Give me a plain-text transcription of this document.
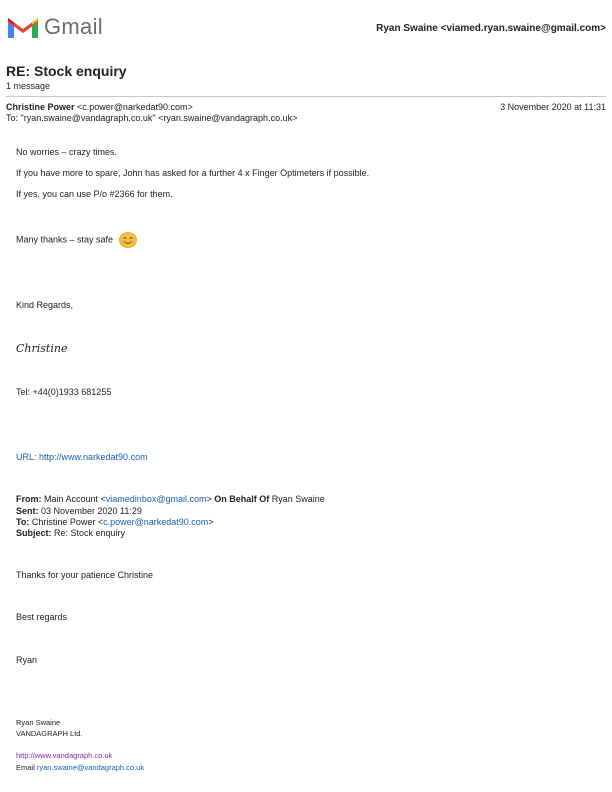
Gmail	Ryan Swaine <viamed.ryan.swaine@gmail.com>
RE: Stock enquiry
1 message
Christine Power <c.power@narkedat90.com>	3 November 2020 at 11:31
To: "ryan.swaine@vandagraph.co.uk" <ryan.swaine@vandagraph.co.uk>
No worries – crazy times.
If you have more to spare, John has asked for a further 4 x Finger Optimeters if possible.
If yes, you can use P/o #2366 for them.
Many thanks – stay safe
Kind Regards,
Christine
Tel: +44(0)1933 681255
URL: http://www.narkedat90.com
From: Main Account <viamedinbox@gmail.com> On Behalf Of Ryan Swaine
Sent: 03 November 2020 11:29
To: Christine Power <c.power@narkedat90.com>
Subject: Re: Stock enquiry
Thanks for your patience Christine
Best regards
Ryan
Ryan Swaine
VANDAGRAPH Ltd.
http://www.vandagraph.co.uk
Email ryan.swaine@vandagraph.co.uk
